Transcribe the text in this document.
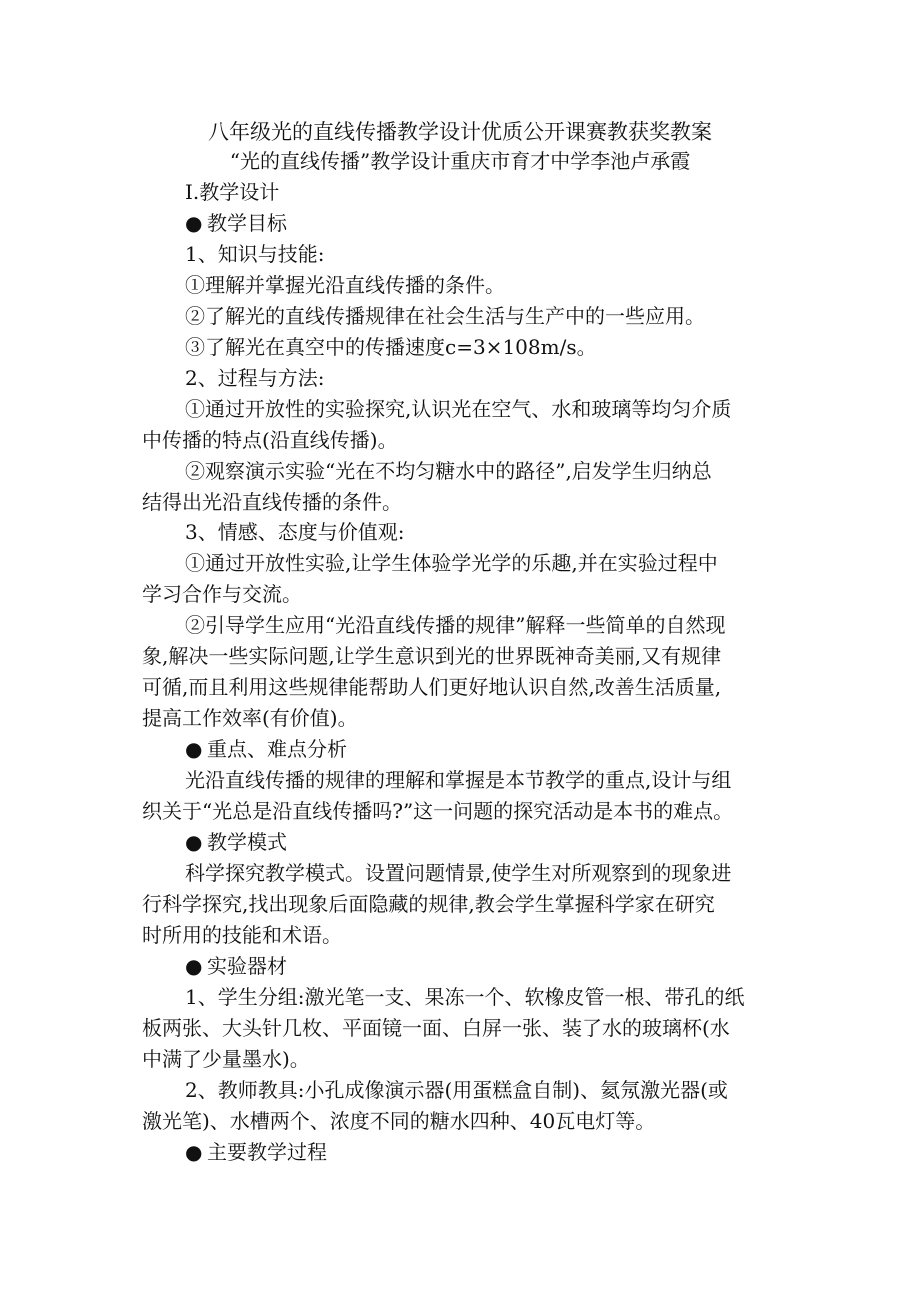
八年级光的直线传播教学设计优质公开课赛教获奖教案
“光的直线传播”教学设计重庆市育才中学李池卢承霞
Ⅰ.教学设计
● 教学目标
1、知识与技能:
①理解并掌握光沿直线传播的条件。
②了解光的直线传播规律在社会生活与生产中的一些应用。
③了解光在真空中的传播速度c=3×108m/s。
2、过程与方法:
①通过开放性的实验探究,认识光在空气、水和玻璃等均匀介质
中传播的特点(沿直线传播)。
②观察演示实验“光在不均匀糖水中的路径”,启发学生归纳总
结得出光沿直线传播的条件。
3、情感、态度与价值观:
①通过开放性实验,让学生体验学光学的乐趣,并在实验过程中
学习合作与交流。
②引导学生应用“光沿直线传播的规律”解释一些简单的自然现
象,解决一些实际问题,让学生意识到光的世界既神奇美丽,又有规律
可循,而且利用这些规律能帮助人们更好地认识自然,改善生活质量,
提高工作效率(有价值)。
● 重点、难点分析
光沿直线传播的规律的理解和掌握是本节教学的重点,设计与组
织关于“光总是沿直线传播吗?”这一问题的探究活动是本书的难点。
● 教学模式
科学探究教学模式。设置问题情景,使学生对所观察到的现象进
行科学探究,找出现象后面隐藏的规律,教会学生掌握科学家在研究
时所用的技能和术语。
● 实验器材
1、学生分组:激光笔一支、果冻一个、软橡皮管一根、带孔的纸
板两张、大头针几枚、平面镜一面、白屏一张、装了水的玻璃杯(水
中满了少量墨水)。
2、教师教具:小孔成像演示器(用蛋糕盒自制)、氦氖激光器(或
激光笔)、水槽两个、浓度不同的糖水四种、40瓦电灯等。
● 主要教学过程
